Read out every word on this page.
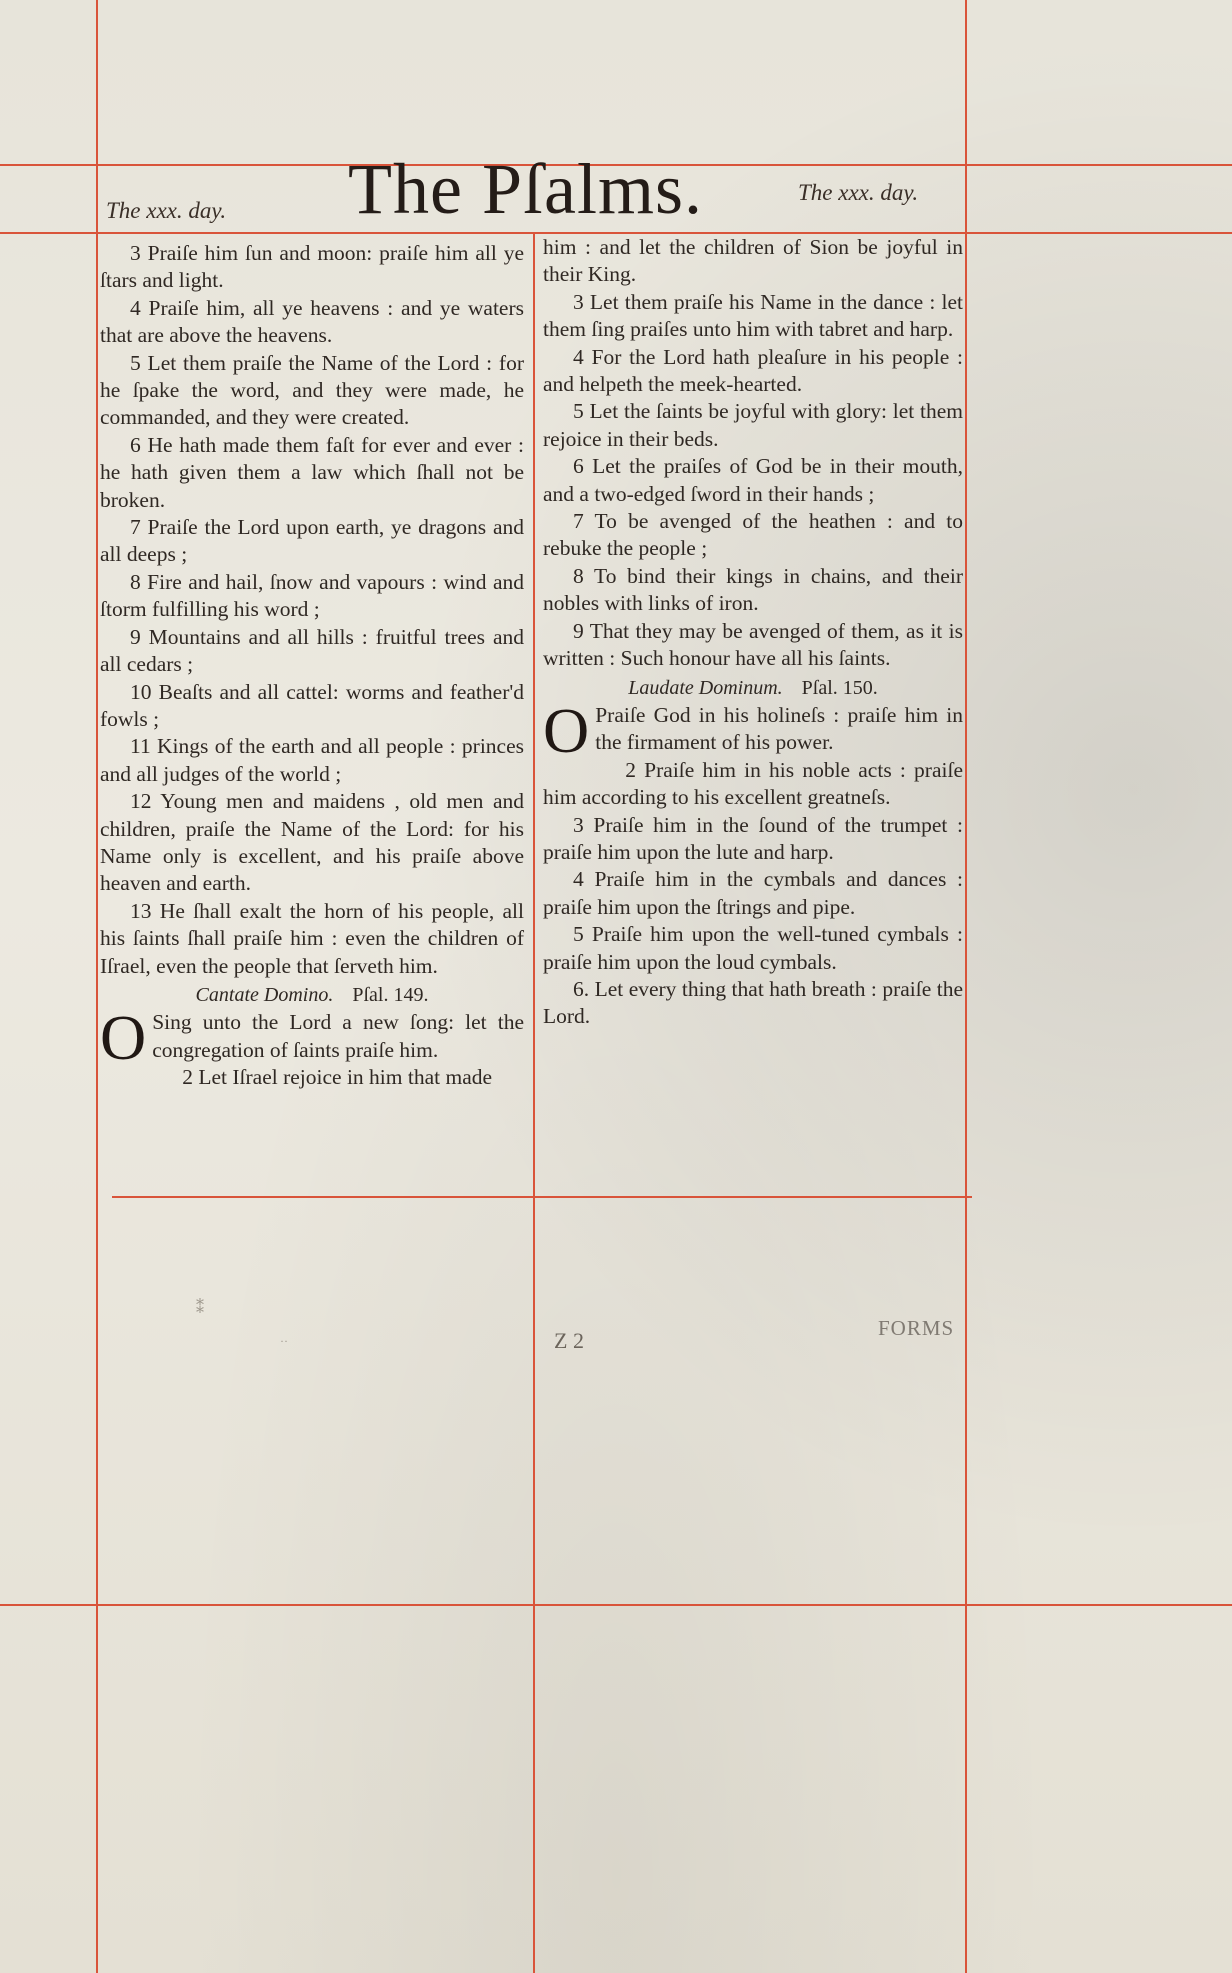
The xxx. day. The Pſalms.	The xxx. day.

3 Praiſe him ſun and moon: praiſe him all ye ſtars and light.

4 Praiſe him, all ye heavens : and ye waters that are above the heavens.

5 Let them praiſe the Name of the Lord : for he ſpake the word, and they were made, he commanded, and they were created.

6 He hath made them faſt for ever and ever : he hath given them a law which ſhall not be broken.

7 Praiſe the Lord upon earth, ye dragons and all deeps ;

8 Fire and hail, ſnow and vapours : wind and ſtorm fulfilling his word ;

9 Mountains and all hills : fruitful trees and all cedars ;

10 Beaſts and all cattel: worms and feather'd fowls ;

11 Kings of the earth and all people : princes and all judges of the world ;

12 Young men and maidens , old men and children, praiſe the Name of the Lord: for his Name only is excellent, and his praiſe above heaven and earth.

13 He ſhall exalt the horn of his people, all his ſaints ſhall praiſe him : even the children of Iſrael, even the people that ſerveth him.

Cantate Domino. Pſal. 149.

O Sing unto the Lord a new ſong: let the congregation of ſaints praiſe him.

2 Let Iſrael rejoice in him that made

him : and let the children of Sion be joyful in their King.

3 Let them praiſe his Name in the dance : let them ſing praiſes unto him with tabret and harp.

4 For the Lord hath pleaſure in his people : and helpeth the meek-hearted.

5 Let the ſaints be joyful with glory: let them rejoice in their beds.

6 Let the praiſes of God be in their mouth, and a two-edged ſword in their hands ;

7 To be avenged of the heathen : and to rebuke the people ;

8 To bind their kings in chains, and their nobles with links of iron.

9 That they may be avenged of them, as it is written : Such honour have all his ſaints.

Laudate Dominum. Pſal. 150.

O Praiſe God in his holineſs : praiſe him in the firmament of his power.

2 Praiſe him in his noble acts : praiſe him according to his excellent greatneſs.

3 Praiſe him in the ſound of the trumpet : praiſe him upon the lute and harp.

4 Praiſe him in the cymbals and dances : praiſe him upon the ſtrings and pipe.

5 Praiſe him upon the well-tuned cymbals : praiſe him upon the loud cymbals.

6. Let every thing that hath breath : praiſe the Lord.

⁑
··	Z 2	FORMS
